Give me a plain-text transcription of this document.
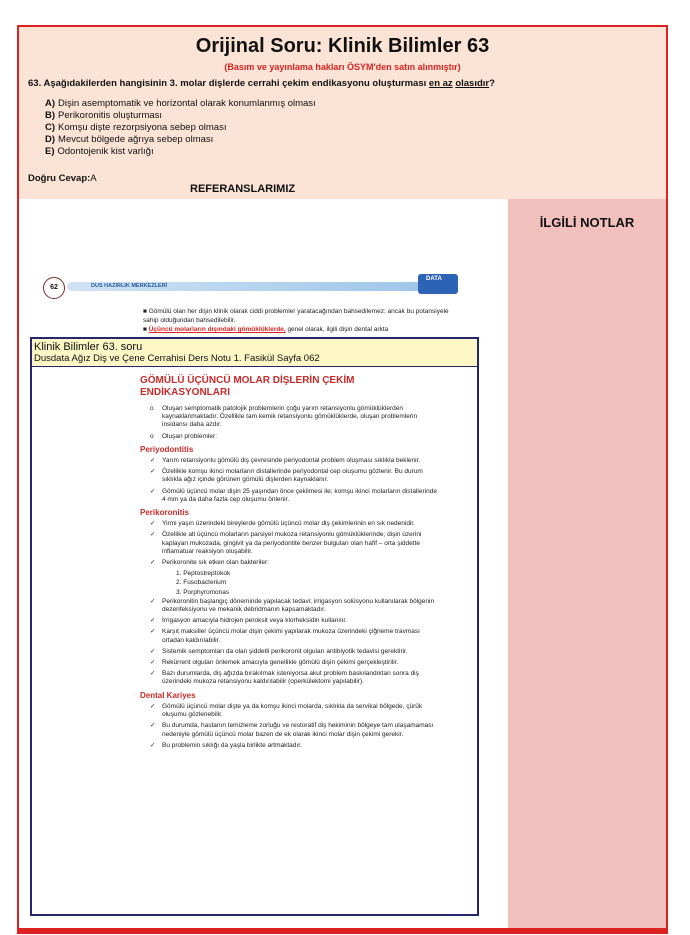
Orijinal Soru: Klinik Bilimler 63
(Basım ve yayınlama hakları ÖSYM'den satın alınmıştır)
63. Aşağıdakilerden hangisinin 3. molar dişlerde cerrahi çekim endikasyonu oluşturması en az olasıdır?
A) Dişin asemptomatik ve horizontal olarak konumlanmış olması
B) Perikoronitis oluşturması
C) Komşu dişte rezorpsiyona sebep olması
D) Mevcut bölgede ağrıya sebep olması
E) Odontojenik kist varlığı
Doğru Cevap:A
İLGİLİ NOTLAR
REFERANSLARIMIZ
62	DUS HAZIRLIK MERKEZLERİ
DATA
■ Gömülü olan her dişin klinik olarak ciddi problemler yaratacağından bahsedilemez; ancak bu potansiyele sahip olduğundan bahsedilebilir.
■ Üçüncü molarların dışındaki gömüklüklerde, genel olarak, ilgili dişin dental arkta
Klinik Bilimler 63. soru
Dusdata Ağız Diş ve Çene Cerrahisi Ders Notu 1. Fasikül Sayfa 062
GÖMÜLÜ ÜÇÜNCÜ MOLAR DİŞLERİN ÇEKİM ENDİKASYONLARI
o Oluşan semptomatik patolojik problemlerin çoğu yarım retansiyonlu gömüklüklerden kaynaklanmaktadır. Özellikle tam kemik retansiyonlu gömüklüklerde, oluşan problemlerin insidansı daha azdır.
o Oluşan problemler:
Periyodontitis
✓ Yarım retansiyonlu gömülü diş çevresinde periyodontal problem oluşması sıklıkla beklenir.
✓ Özellikle komşu ikinci molarların distallerinde periyodontal cep oluşumu gözlenir. Bu durum sıklıkla ağız içinde görünen gömülü dişlerden kaynaklanır.
✓ Gömülü üçüncü molar dişin 25 yaşından önce çekilmesi ile; komşu ikinci molarların distallerinde 4 mm ya da daha fazla cep oluşumu önlenir.
Perikoronitis
✓ Yirmi yaşın üzerindeki bireylerde gömülü üçüncü molar diş çekimlerinin en sık nedenidir.
✓ Özellikle alt üçüncü molarların parsiyel mukoza retansiyonlu gömüklüklerinde; dişin üzerini kaplayan mukozada, gingivit ya da periyodontite benzer bulguları olan hafif – orta şiddette inflamatuar reaksiyon oluşabilir.
✓ Perikoronite sık etken olan bakteriler:
1. Peptostreptokok
2. Fusobacterium
3. Porphyromonas
✓ Perikoronitin başlangıç döneminde yapılacak tedavi; irrigasyon solüsyonu kullanılarak bölgenin dezenfeksiyonu ve mekanik debridmanın kapsamaktadır.
✓ İrrigasyon amacıyla hidrojen peroksit veya klorheksidin kullanılır.
✓ Karşıt maksiller üçüncü molar dişin çekimi yapılarak mukoza üzerindeki çiğneme travması ortadan kaldırılabilir.
✓ Sistemik semptomları da olan şiddetli perikoronit olguları antibiyotik tedavisi gerektirir.
✓ Rekürrent olguları önlemek amacıyla genellikle gömülü dişin çekimi gerçekleştirilir.
✓ Bazı durumlarda, diş ağızda bırakılmak isteniyorsa akut problem baskılandıktan sonra diş üzerindeki mukoza retansiyonu kaldırılabilir (operkülektomi yapılabilir).
Dental Kariyes
✓ Gömülü üçüncü molar dişte ya da komşu ikinci molarda, sıklıkla da servikal bölgede, çürük oluşumu gözlenebilir.
✓ Bu durumda, hastanın temizleme zorluğu ve restoratif diş hekiminin bölgeye tam ulaşamaması nedeniyle gömülü üçüncü molar bazen de ek olarak ikinci molar dişin çekimi gerekir.
✓ Bu problemin sıklığı da yaşla birlikte artmaktadır.
